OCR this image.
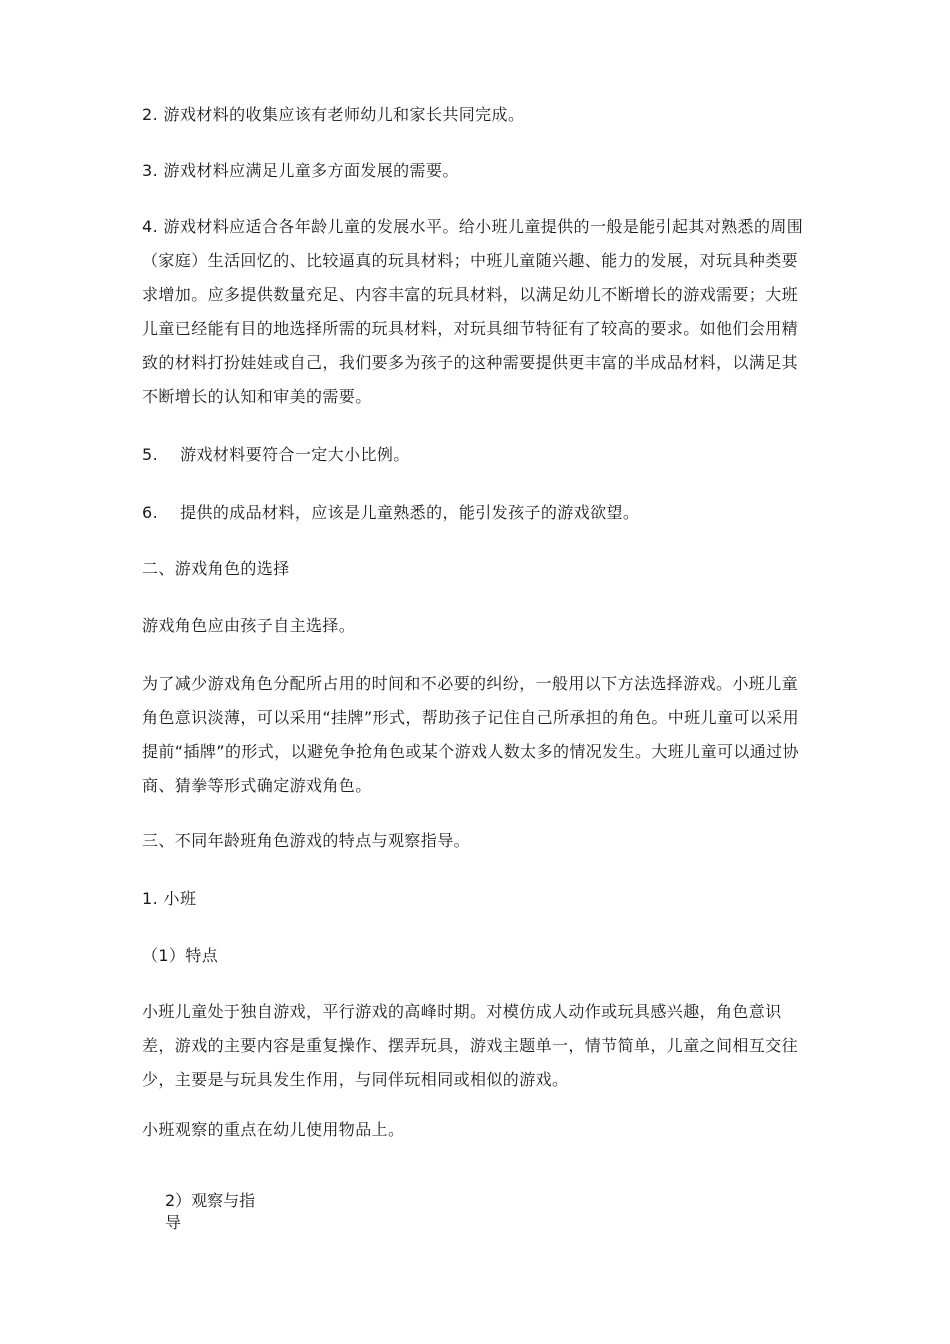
2. 游戏材料的收集应该有老师幼儿和家长共同完成。

3. 游戏材料应满足儿童多方面发展的需要。

4. 游戏材料应适合各年龄儿童的发展水平。给小班儿童提供的一般是能引起其对熟悉的周围（家庭）生活回忆的、比较逼真的玩具材料；中班儿童随兴趣、能力的发展，对玩具种类要求增加。应多提供数量充足、内容丰富的玩具材料，以满足幼儿不断增长的游戏需要；大班儿童已经能有目的地选择所需的玩具材料，对玩具细节特征有了较高的要求。如他们会用精致的材料打扮娃娃或自己，我们要多为孩子的这种需要提供更丰富的半成品材料，以满足其不断增长的认知和审美的需要。

5. 游戏材料要符合一定大小比例。

6. 提供的成品材料，应该是儿童熟悉的，能引发孩子的游戏欲望。

二、游戏角色的选择

游戏角色应由孩子自主选择。

为了减少游戏角色分配所占用的时间和不必要的纠纷，一般用以下方法选择游戏。小班儿童角色意识淡薄，可以采用“挂牌”形式，帮助孩子记住自己所承担的角色。中班儿童可以采用提前“插牌”的形式，以避免争抢角色或某个游戏人数太多的情况发生。大班儿童可以通过协商、猜拳等形式确定游戏角色。

三、不同年龄班角色游戏的特点与观察指导。

1. 小班

（1）特点

小班儿童处于独自游戏，平行游戏的高峰时期。对模仿成人动作或玩具感兴趣，角色意识差，游戏的主要内容是重复操作、摆弄玩具，游戏主题单一，情节简单，儿童之间相互交往少，主要是与玩具发生作用，与同伴玩相同或相似的游戏。

小班观察的重点在幼儿使用物品上。

2）观察与指导
